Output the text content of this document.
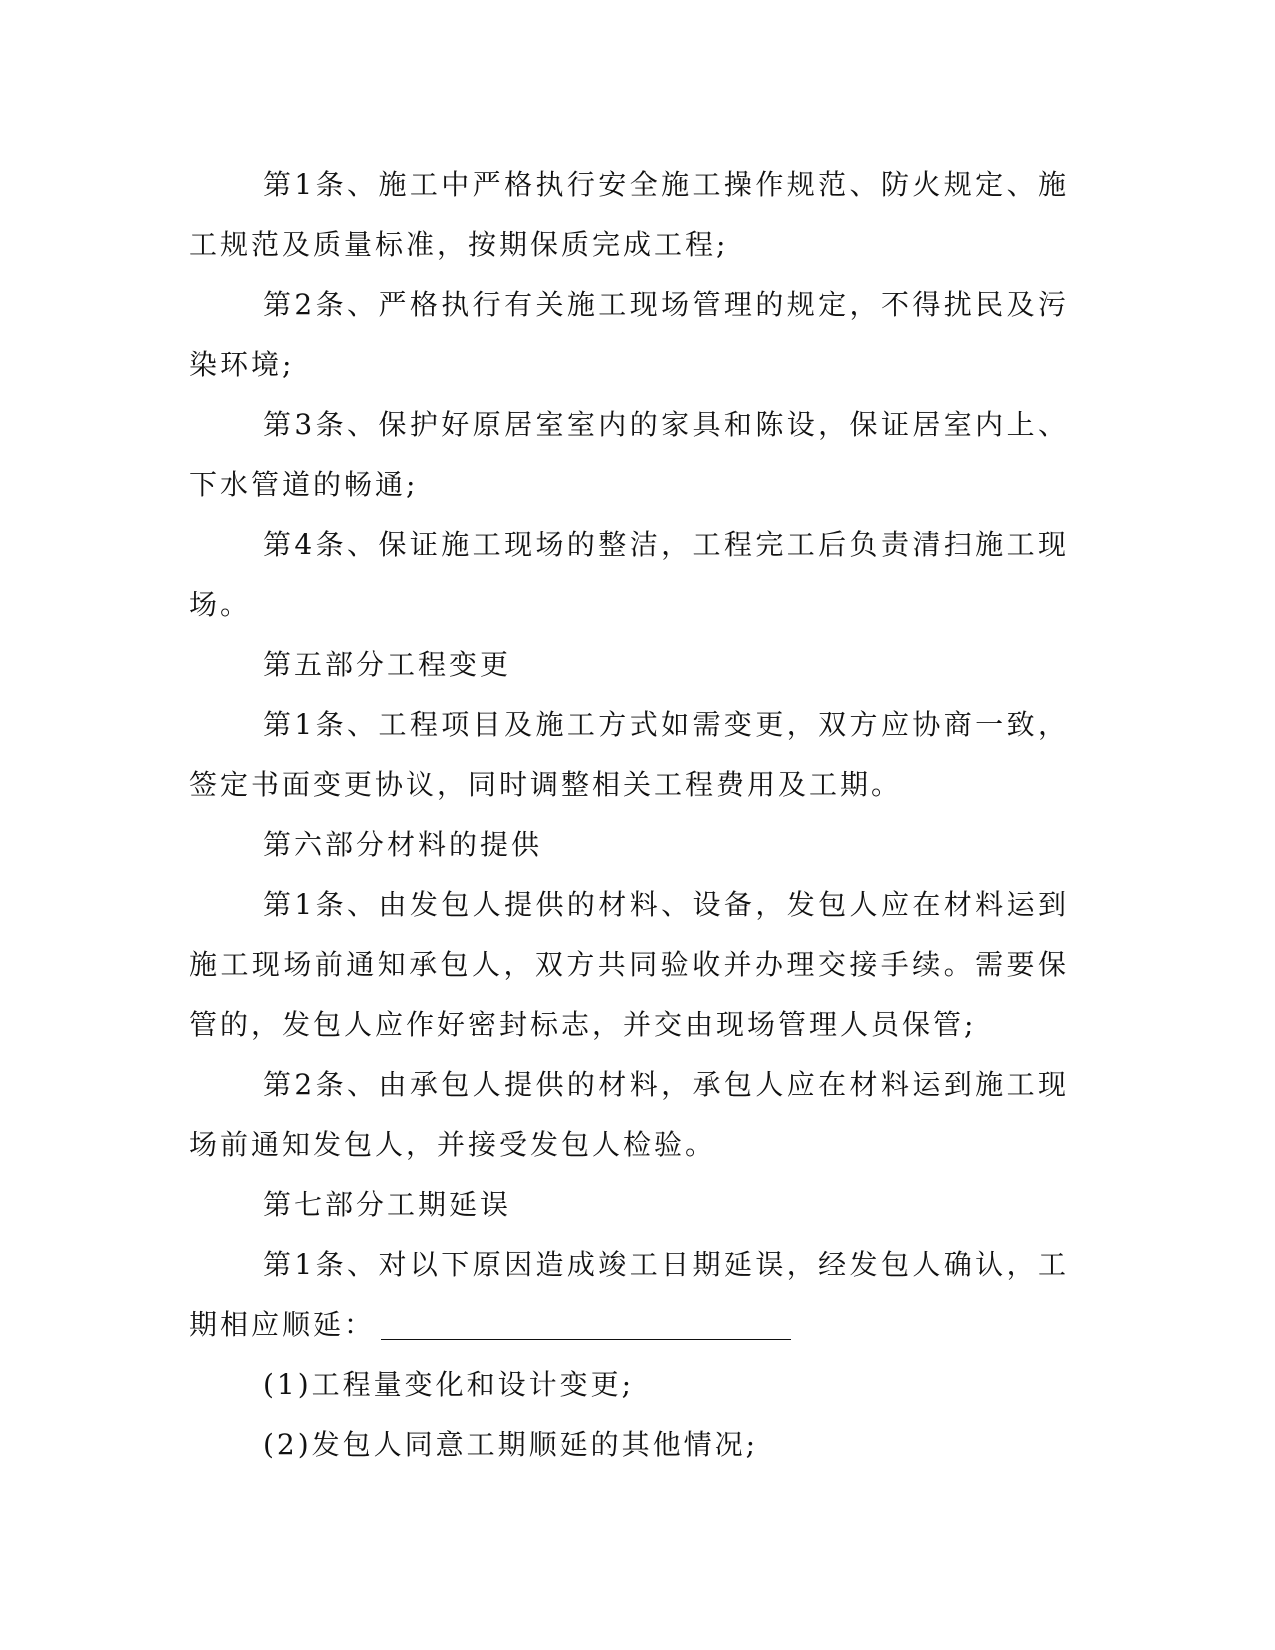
第1条、施工中严格执行安全施工操作规范、防火规定、施工规范及质量标准，按期保质完成工程;

第2条、严格执行有关施工现场管理的规定，不得扰民及污染环境;

第3条、保护好原居室室内的家具和陈设，保证居室内上、下水管道的畅通;

第4条、保证施工现场的整洁，工程完工后负责清扫施工现场。

第五部分工程变更

第1条、工程项目及施工方式如需变更，双方应协商一致，签定书面变更协议，同时调整相关工程费用及工期。

第六部分材料的提供

第1条、由发包人提供的材料、设备，发包人应在材料运到施工现场前通知承包人，双方共同验收并办理交接手续。需要保管的，发包人应作好密封标志，并交由现场管理人员保管;

第2条、由承包人提供的材料，承包人应在材料运到施工现场前通知发包人，并接受发包人检验。

第七部分工期延误

第1条、对以下原因造成竣工日期延误，经发包人确认，工期相应顺延：

(1)工程量变化和设计变更;

(2)发包人同意工期顺延的其他情况;
